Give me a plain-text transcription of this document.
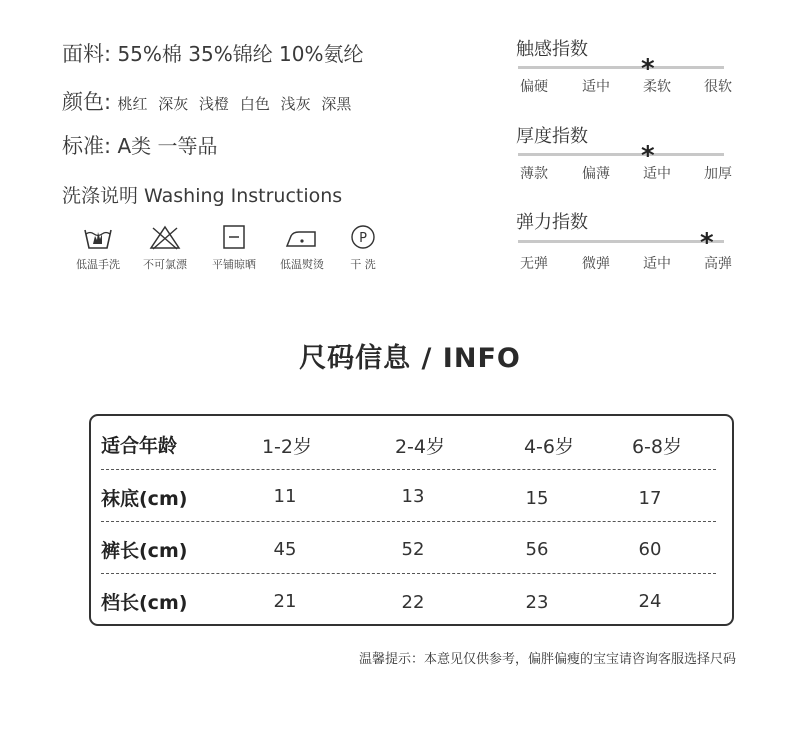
面料: 55%棉 35%锦纶 10%氨纶
颜色: 桃红 深灰 浅橙 白色 浅灰 深黑
标准: A类 一等品
洗涤说明 Washing Instructions
低温手洗	不可氯漂	平铺晾晒	低温熨烫
P
干 洗
触感指数
*
偏硬	适中	柔软	很软
厚度指数
*
薄款	偏薄	适中	加厚
弹力指数
*
无弹	微弹	适中	高弹
尺码信息 / INFO
适合年龄	1-2岁	2-4岁	4-6岁	6-8岁
袜底(cm)	11	13	15	17
裤长(cm)	45	52	56	60
档长(cm)	21	22	23	24
温馨提示：本意见仅供参考，偏胖偏瘦的宝宝请咨询客服选择尺码
